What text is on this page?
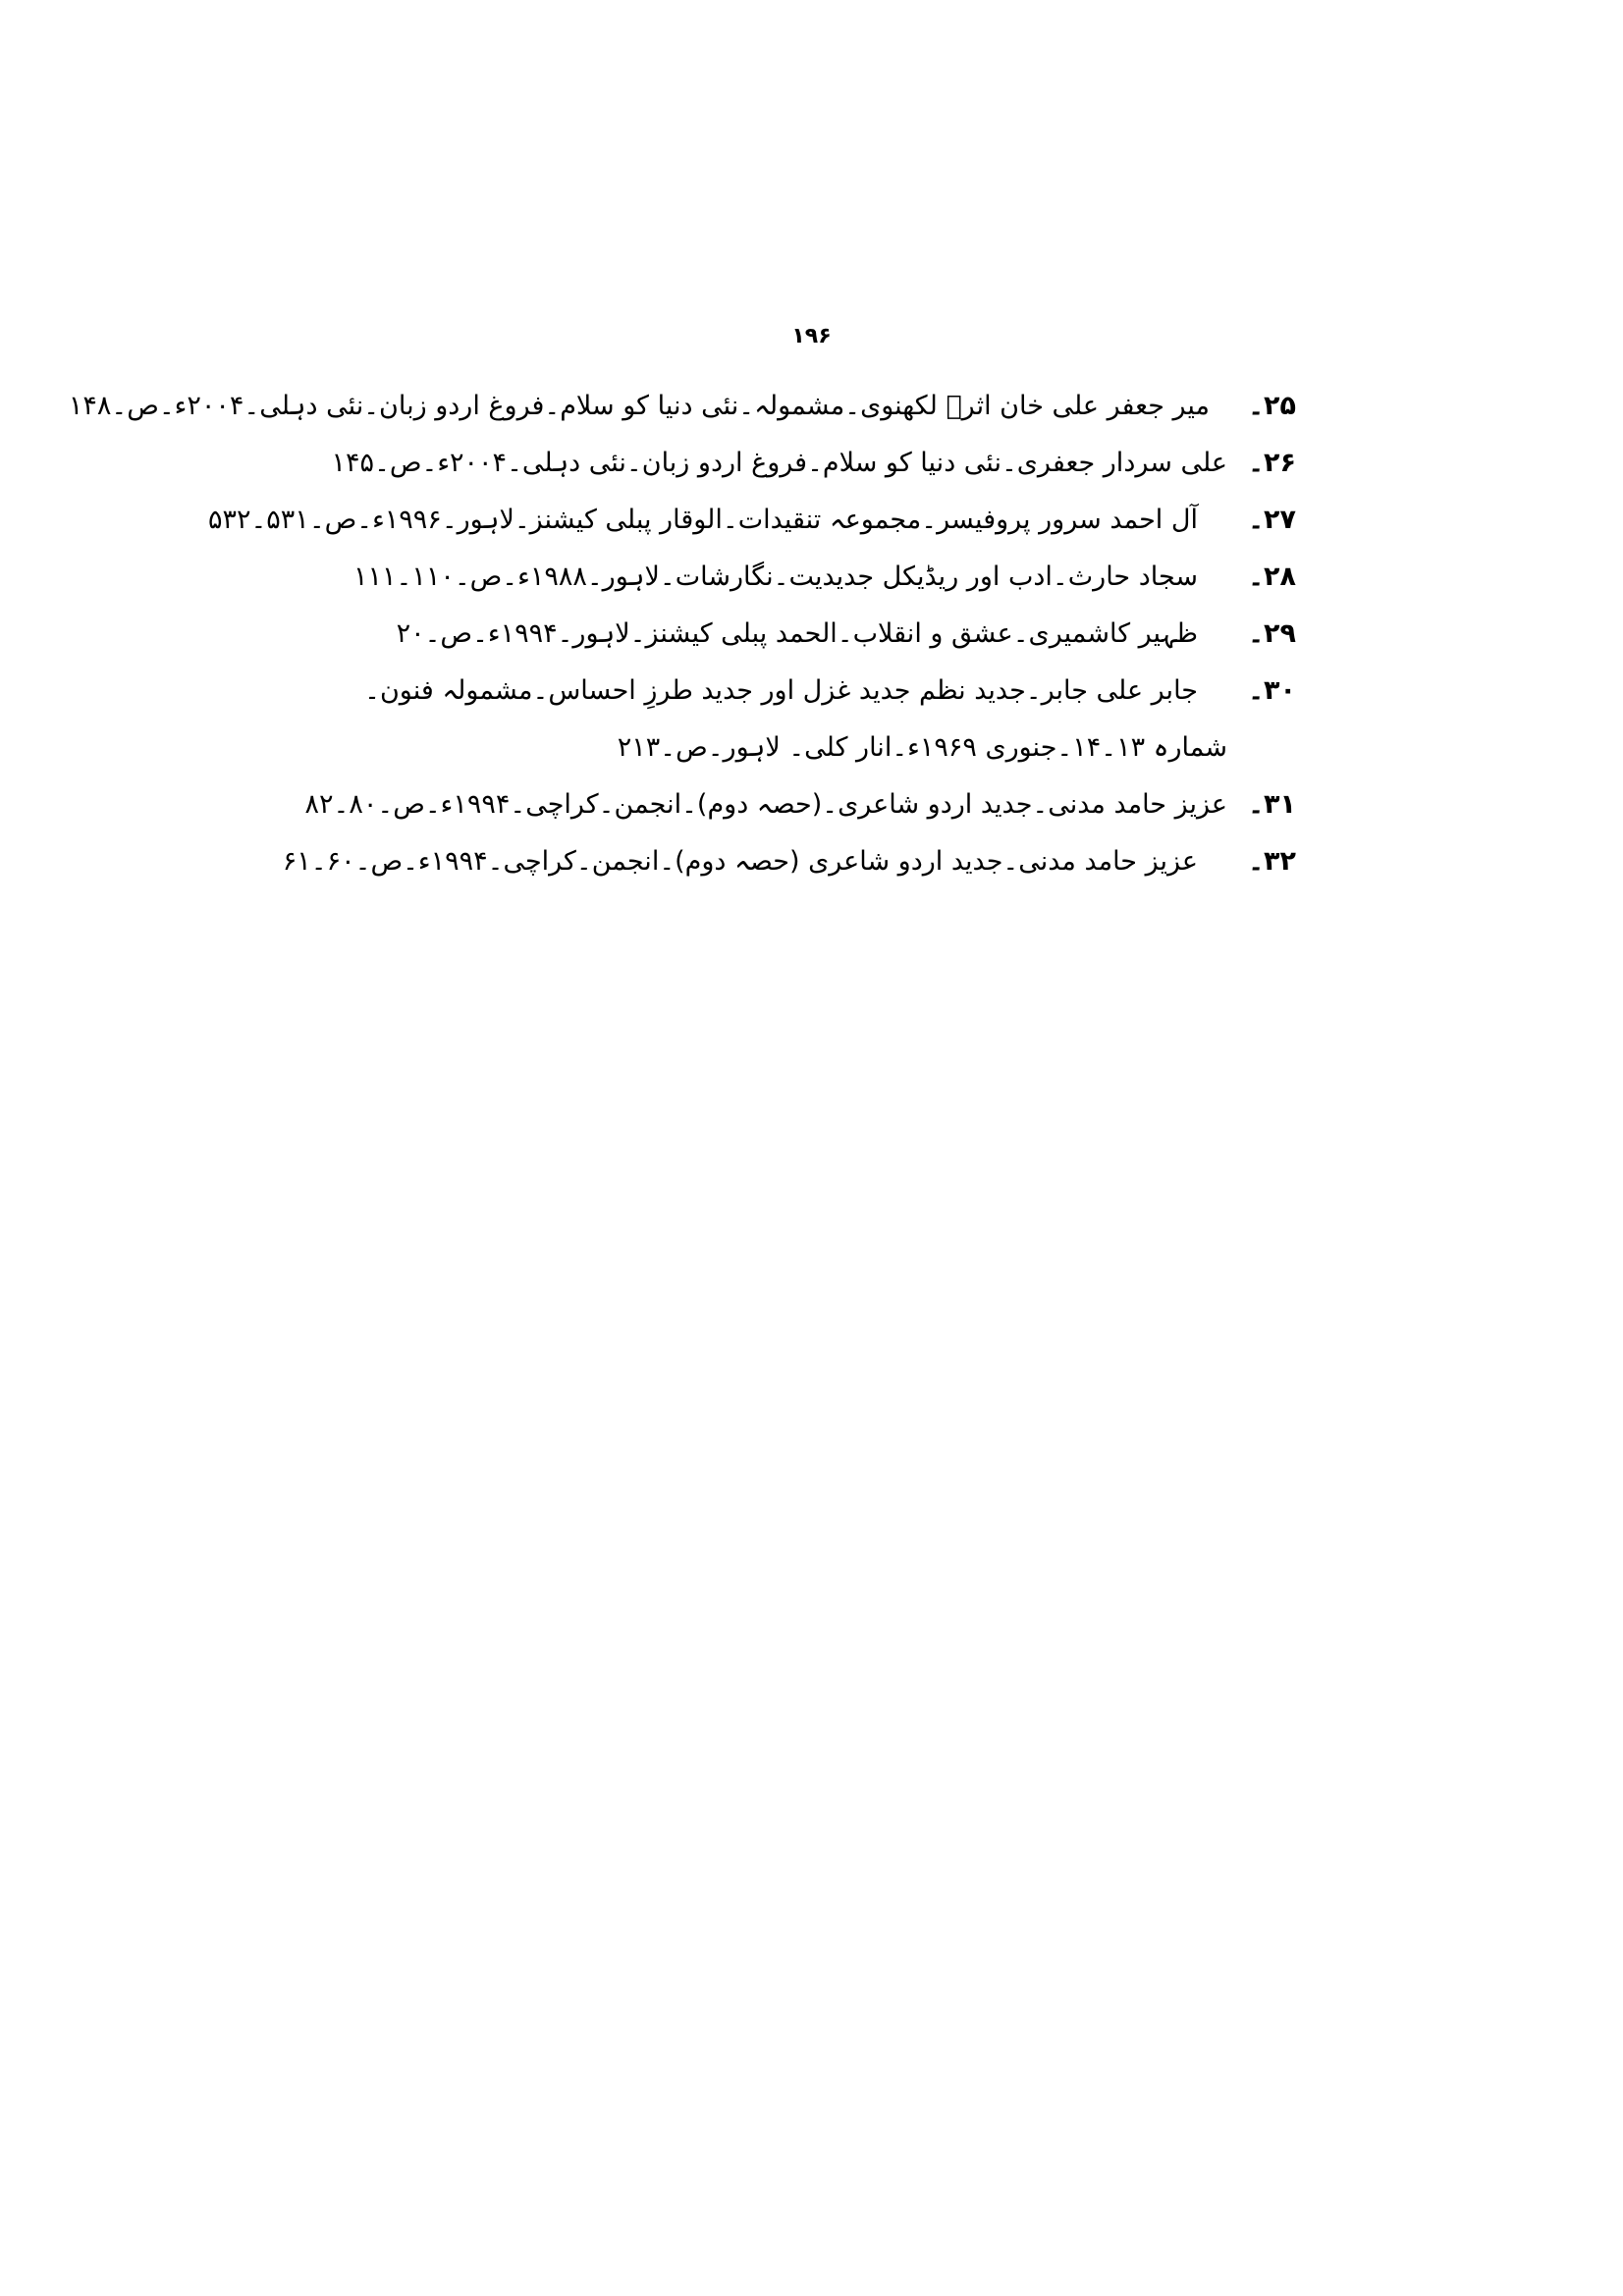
۱۹۶
۲۵۔
میر جعفر علی خان اثرؔ لکھنوی۔مشمولہ۔نئی دنیا کو سلام۔فروغ اردو زبان۔نئی دہلی۔۲۰۰۴ء۔ص۔۱۴۸
۲۶۔
علی سردار جعفری۔نئی دنیا کو سلام۔فروغ اردو زبان۔نئی دہلی۔۲۰۰۴ء۔ص۔۱۴۵
۲۷۔
آل احمد سرور پروفیسر۔مجموعہ تنقیدات۔الوقار پبلی کیشنز۔لاہور۔۱۹۹۶ء۔ص۔۵۳۱۔۵۳۲
۲۸۔
سجاد حارث۔ادب اور ریڈیکل جدیدیت۔نگارشات۔لاہور۔۱۹۸۸ء۔ص۔۱۱۰۔۱۱۱
۲۹۔
ظہیر کاشمیری۔عشق و انقلاب۔الحمد پبلی کیشنز۔لاہور۔۱۹۹۴ء۔ص۔۲۰
۳۰۔
جابر علی جابر۔جدید نظم جدید غزل اور جدید طرزِ احساس۔مشمولہ فنون۔شمارہ ۱۳۔۱۴۔جنوری ۱۹۶۹ء۔انار کلی۔ لاہور۔ص۔۲۱۳
۳۱۔
عزیز حامد مدنی۔جدید اردو شاعری۔(حصہ دوم)۔انجمن۔کراچی۔۱۹۹۴ء۔ص۔۸۰۔۸۲
۳۲۔
عزیز حامد مدنی۔جدید اردو شاعری (حصہ دوم)۔انجمن۔کراچی۔۱۹۹۴ء۔ص۔۶۰۔۶۱
